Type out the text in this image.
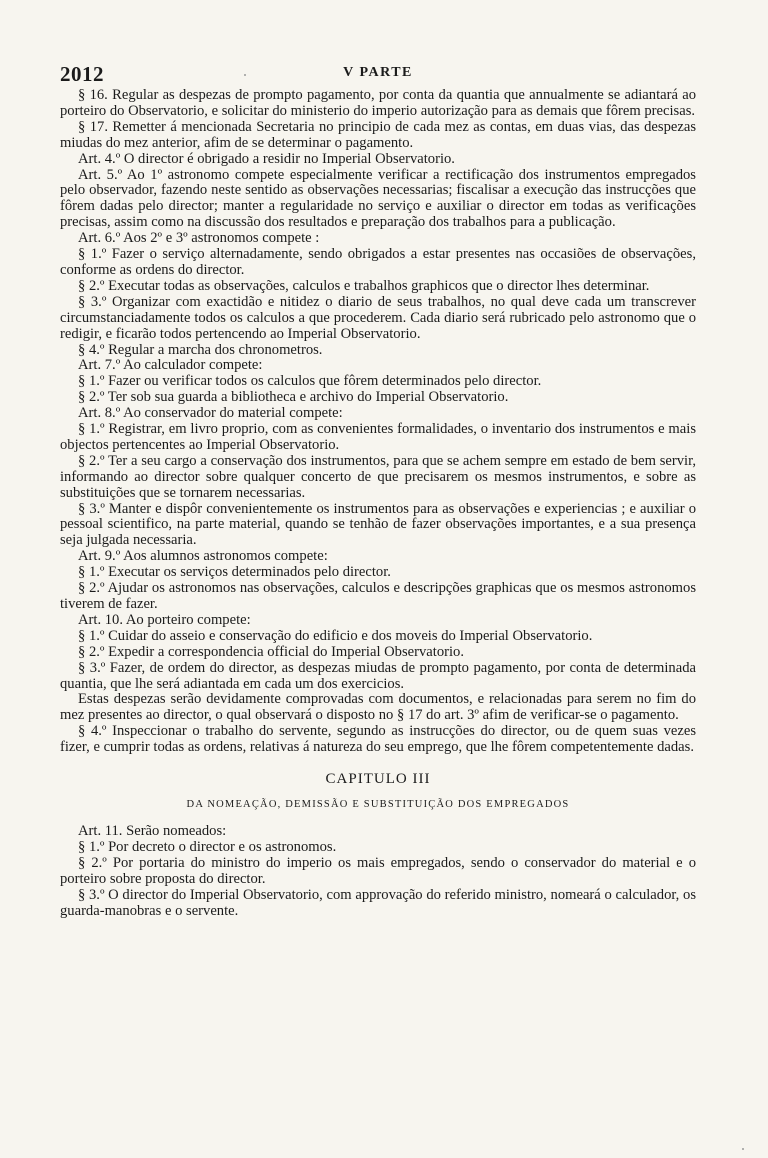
2012	V PARTE

§ 16. Regular as despezas de prompto pagamento, por conta da quantia que annualmente se adiantará ao porteiro do Observatorio, e solicitar do ministerio do imperio autorização para as demais que fôrem precisas.

§ 17. Remetter á mencionada Secretaria no principio de cada mez as contas, em duas vias, das despezas miudas do mez anterior, afim de se determinar o pagamento.

Art. 4.º O director é obrigado a residir no Imperial Observatorio.

Art. 5.º Ao 1º astronomo compete especialmente verificar a rectificação dos instrumentos empregados pelo observador, fazendo neste sentido as observações necessarias; fiscalisar a execução das instrucções que fôrem dadas pelo director; manter a regularidade no serviço e auxiliar o director em todas as verificações precisas, assim como na discussão dos resultados e preparação dos trabalhos para a publicação.

Art. 6.º Aos 2º e 3º astronomos compete :

§ 1.º Fazer o serviço alternadamente, sendo obrigados a estar presentes nas occasiões de observações, conforme as ordens do director.

§ 2.º Executar todas as observações, calculos e trabalhos graphicos que o director lhes determinar.

§ 3.º Organizar com exactidão e nitidez o diario de seus trabalhos, no qual deve cada um transcrever circumstanciadamente todos os calculos a que procederem. Cada diario será rubricado pelo astronomo que o redigir, e ficarão todos pertencendo ao Imperial Observatorio.

§ 4.º Regular a marcha dos chronometros.

Art. 7.º Ao calculador compete:

§ 1.º Fazer ou verificar todos os calculos que fôrem determinados pelo director.

§ 2.º Ter sob sua guarda a bibliotheca e archivo do Imperial Observatorio.

Art. 8.º Ao conservador do material compete:

§ 1.º Registrar, em livro proprio, com as convenientes formalidades, o inventario dos instrumentos e mais objectos pertencentes ao Imperial Observatorio.

§ 2.º Ter a seu cargo a conservação dos instrumentos, para que se achem sempre em estado de bem servir, informando ao director sobre qualquer concerto de que precisarem os mesmos instrumentos, e sobre as substituições que se tornarem necessarias.

§ 3.º Manter e dispôr convenientemente os instrumentos para as observações e experiencias ; e auxiliar o pessoal scientifico, na parte material, quando se tenhão de fazer observações importantes, e a sua presença seja julgada necessaria.

Art. 9.º Aos alumnos astronomos compete:

§ 1.º Executar os serviços determinados pelo director.

§ 2.º Ajudar os astronomos nas observações, calculos e descripções graphicas que os mesmos astronomos tiverem de fazer.

Art. 10. Ao porteiro compete:

§ 1.º Cuidar do asseio e conservação do edificio e dos moveis do Imperial Observatorio.

§ 2.º Expedir a correspondencia official do Imperial Observatorio.

§ 3.º Fazer, de ordem do director, as despezas miudas de prompto pagamento, por conta de determinada quantia, que lhe será adiantada em cada um dos exercicios.

Estas despezas serão devidamente comprovadas com documentos, e relacionadas para serem no fim do mez presentes ao director, o qual observará o disposto no § 17 do art. 3º afim de verificar-se o pagamento.

§ 4.º Inspeccionar o trabalho do servente, segundo as instrucções do director, ou de quem suas vezes fizer, e cumprir todas as ordens, relativas á natureza do seu emprego, que lhe fôrem competentemente dadas.

CAPITULO III
DA NOMEAÇÃO, DEMISSÃO E SUBSTITUIÇÃO DOS EMPREGADOS

Art. 11. Serão nomeados:

§ 1.º Por decreto o director e os astronomos.

§ 2.º Por portaria do ministro do imperio os mais empregados, sendo o conservador do material e o porteiro sobre proposta do director.

§ 3.º O director do Imperial Observatorio, com approvação do referido ministro, nomeará o calculador, os guarda-manobras e o servente.
